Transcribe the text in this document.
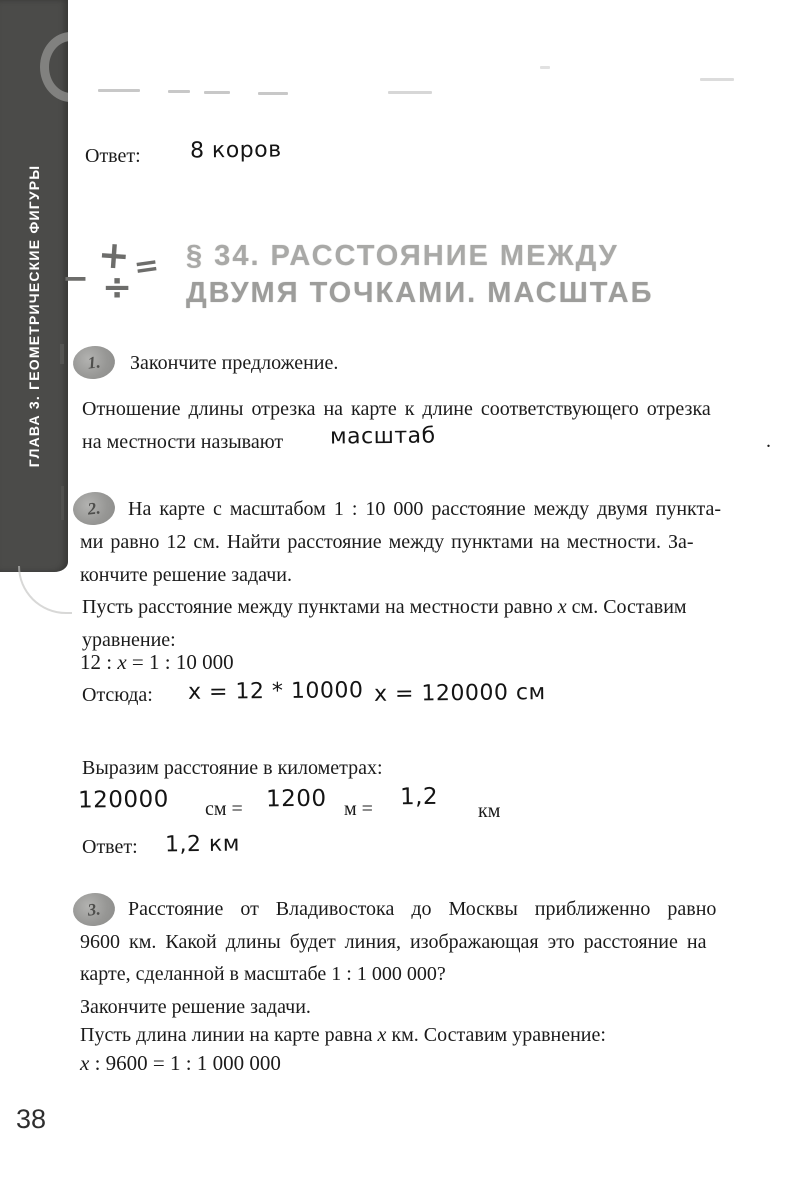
ГЛАВА 3. ГЕОМЕТРИЧЕСКИЕ ФИГУРЫ
Ответ: 8 коров
+
− =
÷
§ 34. РАССТОЯНИЕ МЕЖДУ
ДВУМЯ ТОЧКАМИ. МАСШТАБ
1. Закончите предложение.
Отношение длины отрезка на карте к длине соответствующего отрезка
на местности называют масштаб	.
2. На карте с масштабом 1 : 10 000 расстояние между двумя пункта-
ми равно 12 см. Найти расстояние между пунктами на местности. За-
кончите решение задачи.
Пусть расстояние между пунктами на местности равно x см. Составим
уравнение:
12 : x = 1 : 10 000
Отсюда: x = 12 * 10000 x = 120000 см
Выразим расстояние в километрах:
120000 см = 1200 м = 1,2
км
Ответ: 1,2 км
3. Расстояние от Владивостока до Москвы приближенно равно
9600 км. Какой длины будет линия, изображающая это расстояние на
карте, сделанной в масштабе 1 : 1 000 000?
Закончите решение задачи.
Пусть длина линии на карте равна x км. Составим уравнение:
x : 9600 = 1 : 1 000 000
38
